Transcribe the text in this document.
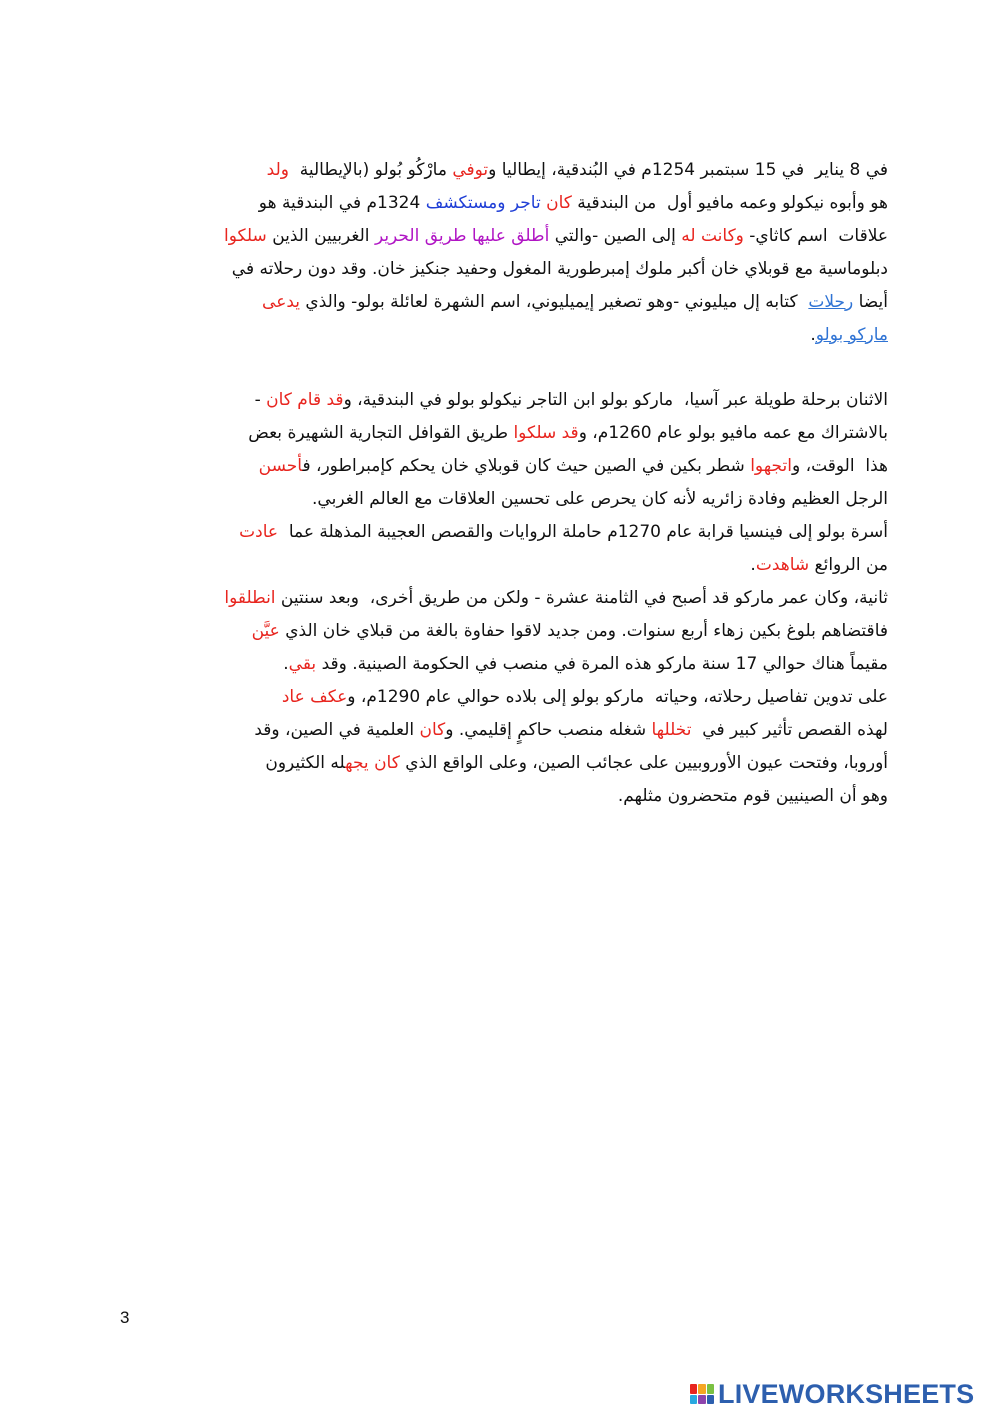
في 8 يناير  في 15 سبتمبر 1254م في البُندقية، إيطاليا وتوفي مارْكُو بُولو (بالإيطالية  ولد
هو وأبوه نيكولو وعمه مافيو أول  من البندقية كان تاجر ومستكشف 1324م في البندقية هو
علاقات  اسم كاثاي- وكانت له إلى الصين -والتي أطلق عليها طريق الحرير الغربيين الذين سلكوا
دبلوماسية مع قوبلاي خان أكبر ملوك إمبرطورية المغول وحفيد جنكيز خان. وقد دون رحلاته في
أيضا رحلات  كتابه إل ميليوني -وهو تصغير إيميليوني، اسم الشهرة لعائلة بولو- والذي يدعى
مارکو بولو.
الاثنان برحلة طويلة عبر آسيا،  ماركو بولو ابن التاجر نيكولو بولو في البندقية، وقد قام كان -
بالاشتراك مع عمه مافيو بولو عام 1260م، وقد سلكوا طريق القوافل التجارية الشهيرة بعض
هذا  الوقت، واتجهوا شطر بكين في الصين حيث كان قوبلاي خان يحكم كإمبراطور، فأحسن
الرجل العظيم وفادة زائريه لأنه كان يحرص على تحسين العلاقات مع العالم الغربي.
أسرة بولو إلى فينسيا قرابة عام 1270م حاملة الروايات والقصص العجيبة المذهلة عما  عادت
من الروائع شاهدت.
ثانية، وكان عمر ماركو قد أصبح في الثامنة عشرة - ولكن من طريق أخرى،  وبعد سنتين انطلقوا
فاقتضاهم بلوغ بكين زهاء أربع سنوات. ومن جديد لاقوا حفاوة بالغة من قبلاي خان الذي عيَّن
مقيماً هناك حوالي 17 سنة ماركو هذه المرة في منصب في الحكومة الصينية. وقد بقي.
على تدوين تفاصيل رحلاته، وحياته  ماركو بولو إلى بلاده حوالي عام 1290م، وعكف عاد
لهذه القصص تأثير كبير في  تخللها شغله منصب حاكمٍ إقليمي. وكان العلمية في الصين، وقد
أوروبا، وفتحت عيون الأوروبيين على عجائب الصين، وعلى الواقع الذي كان يجهله الكثيرون
وهو أن الصينيين قوم متحضرون مثلهم.
3
LIVEWORKSHEETS
